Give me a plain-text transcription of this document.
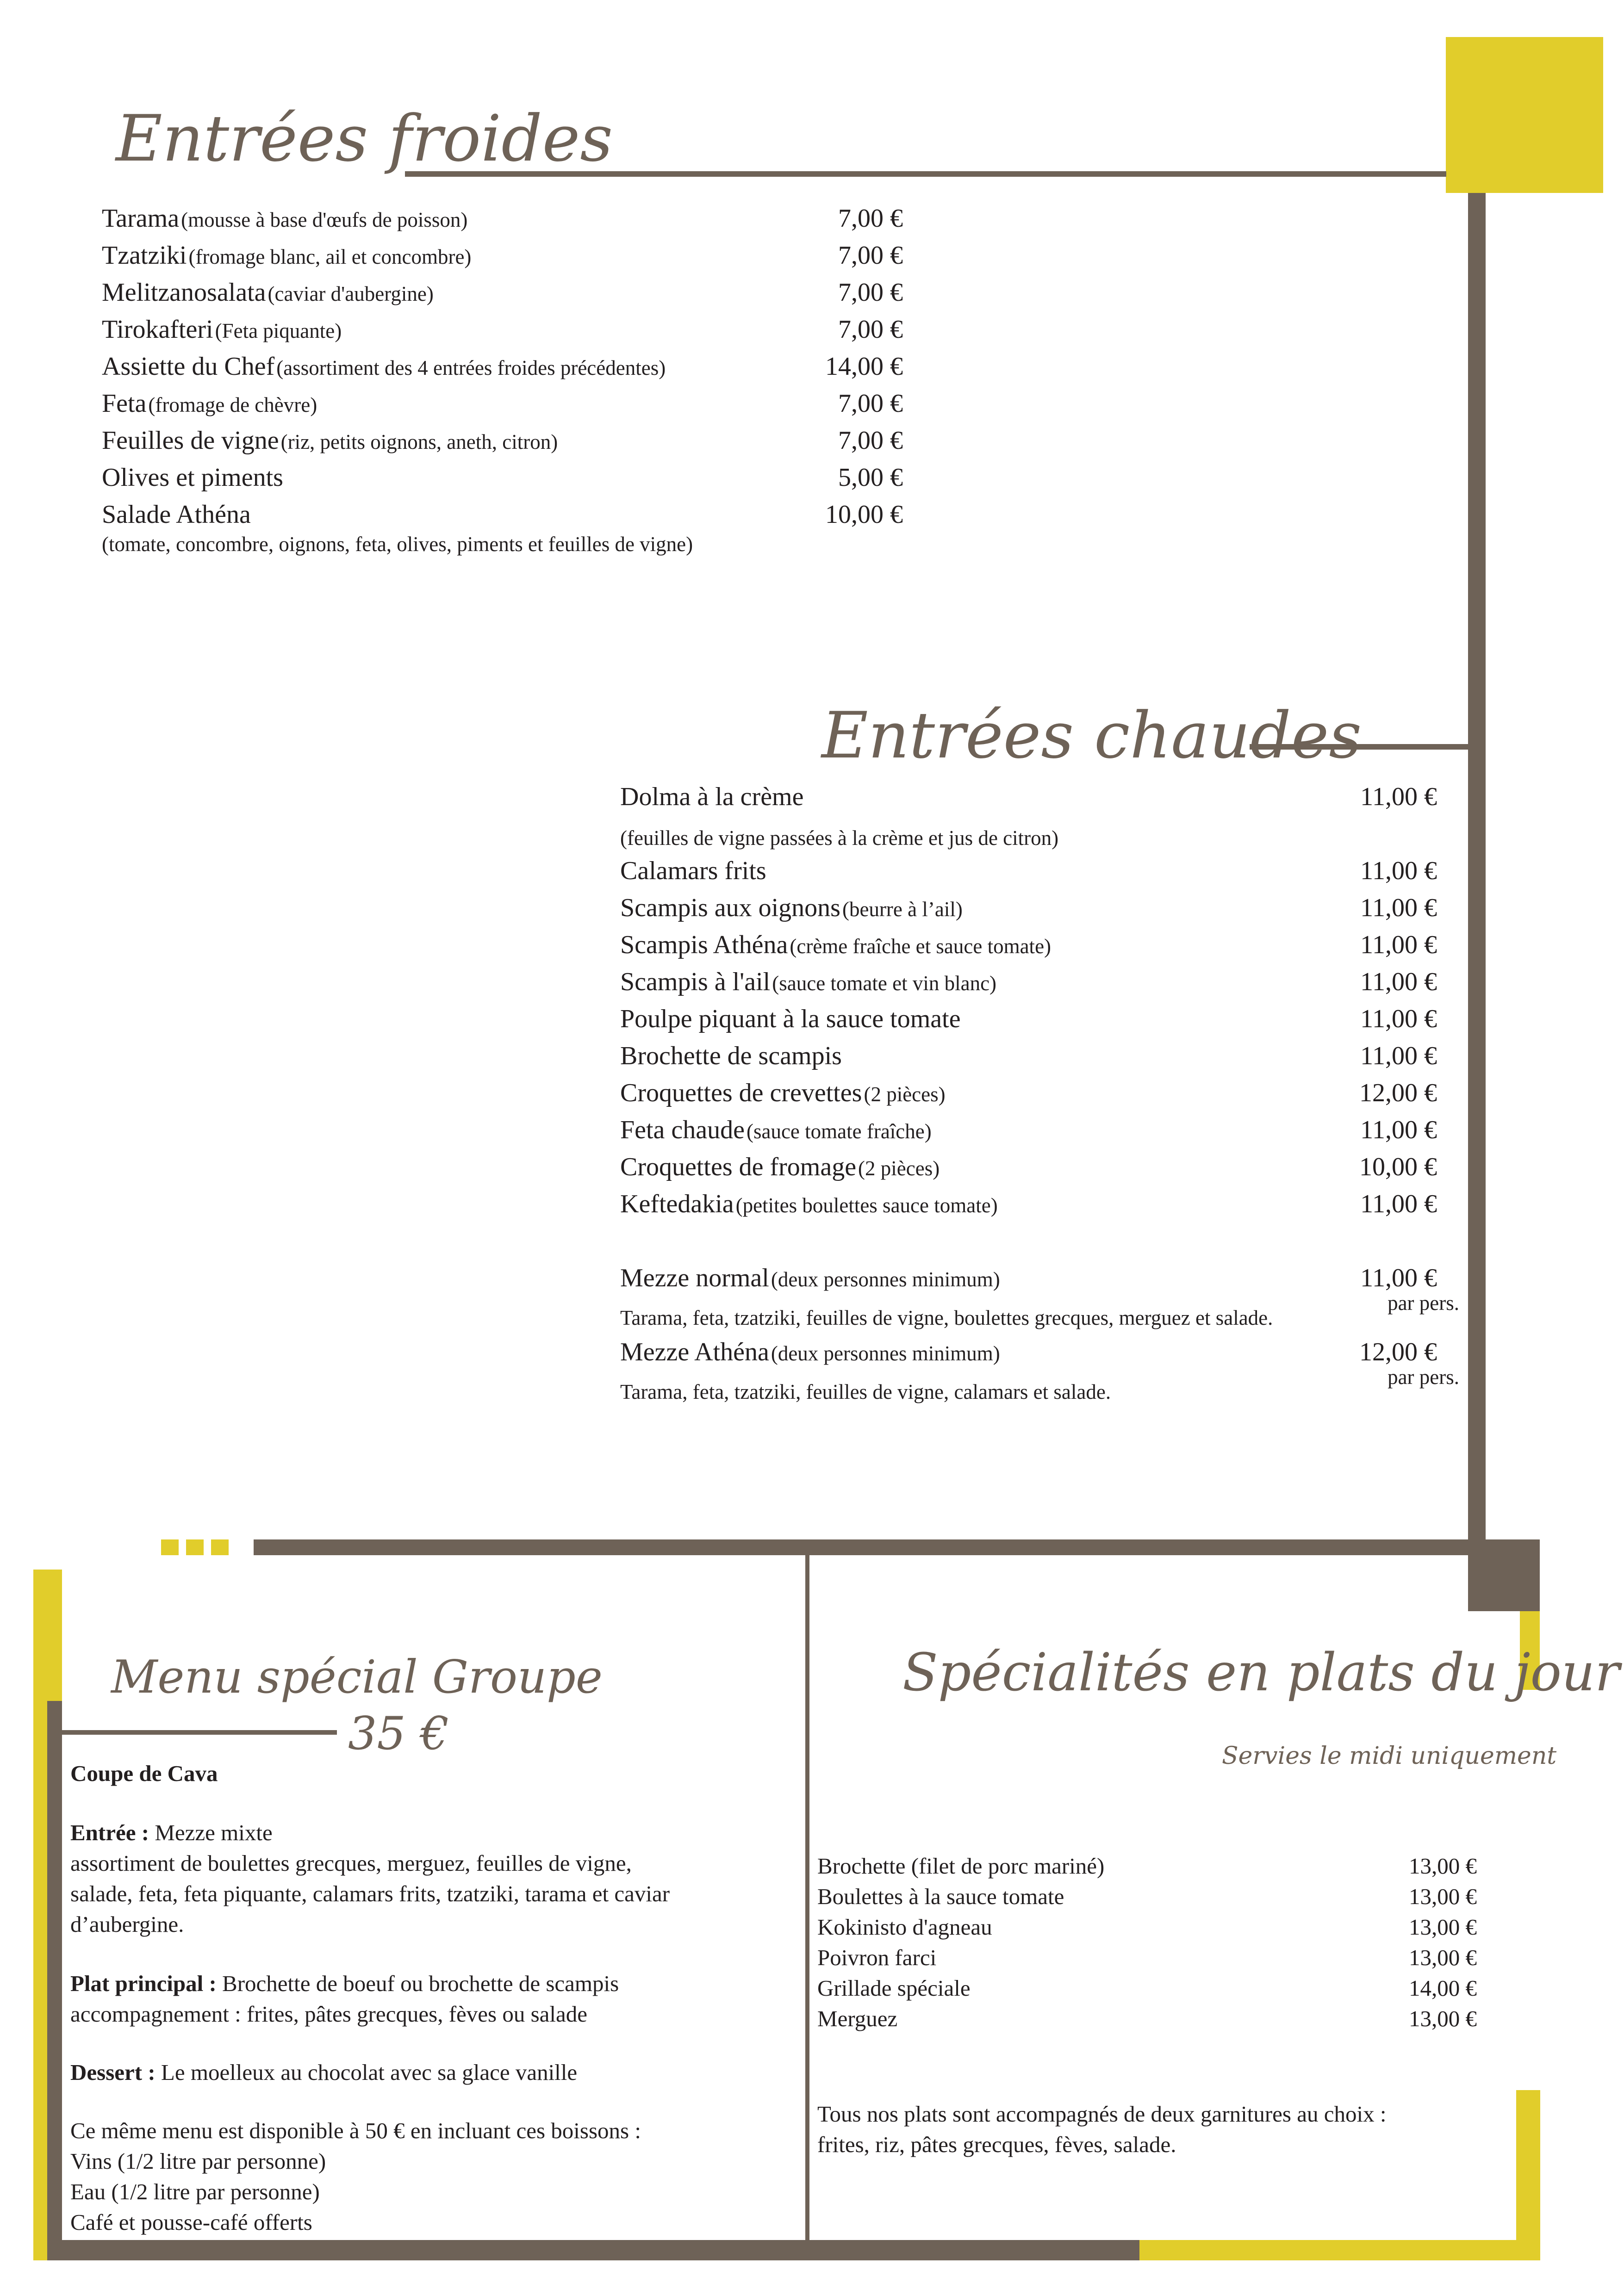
Entrées froides
Tarama (mousse à base d'œufs de poisson)	7,00 €
Tzatziki (fromage blanc, ail et concombre)	7,00 €
Melitzanosalata (caviar d'aubergine)	7,00 €
Tirokafteri (Feta piquante)	7,00 €
Assiette du Chef (assortiment des 4 entrées froides précédentes)	14,00 €
Feta (fromage de chèvre)	7,00 €
Feuilles de vigne (riz, petits oignons, aneth, citron)	7,00 €
Olives et piments	5,00 €
Salade Athéna	10,00 €
(tomate, concombre, oignons, feta, olives, piments et feuilles de vigne)
Entrées chaudes
Dolma à la crème	11,00 €
(feuilles de vigne passées à la crème et jus de citron)
Calamars frits	11,00 €
Scampis aux oignons (beurre à l’ail)	11,00 €
Scampis Athéna (crème fraîche et sauce tomate)	11,00 €
Scampis à l'ail (sauce tomate et vin blanc)	11,00 €
Poulpe piquant à la sauce tomate	11,00 €
Brochette de scampis	11,00 €
Croquettes de crevettes (2 pièces)	12,00 €
Feta chaude (sauce tomate fraîche)	11,00 €
Croquettes de fromage (2 pièces)	10,00 €
Keftedakia (petites boulettes sauce tomate)	11,00 €
Mezze normal (deux personnes minimum)	11,00 €
par pers.
Tarama, feta, tzatziki, feuilles de vigne, boulettes grecques, merguez et salade.
Mezze Athéna (deux personnes minimum)	12,00 €
par pers.
Tarama, feta, tzatziki, feuilles de vigne, calamars et salade.
Menu spécial Groupe
35 €
Coupe de Cava
Entrée : Mezze mixte
assortiment de boulettes grecques, merguez, feuilles de vigne,
salade, feta, feta piquante, calamars frits, tzatziki, tarama et caviar
d’aubergine.
Plat principal : Brochette de boeuf ou brochette de scampis
accompagnement : frites, pâtes grecques, fèves ou salade
Dessert : Le moelleux au chocolat avec sa glace vanille
Ce même menu est disponible à 50 € en incluant ces boissons :
Vins (1/2 litre par personne)
Eau (1/2 litre par personne)
Café et pousse-café offerts
Spécialités en plats du jour
Servies le midi uniquement
Brochette (filet de porc mariné)	13,00 €
Boulettes à la sauce tomate	13,00 €
Kokinisto d'agneau	13,00 €
Poivron farci	13,00 €
Grillade spéciale	14,00 €
Merguez	13,00 €
Tous nos plats sont accompagnés de deux garnitures au choix :
frites, riz, pâtes grecques, fèves, salade.
